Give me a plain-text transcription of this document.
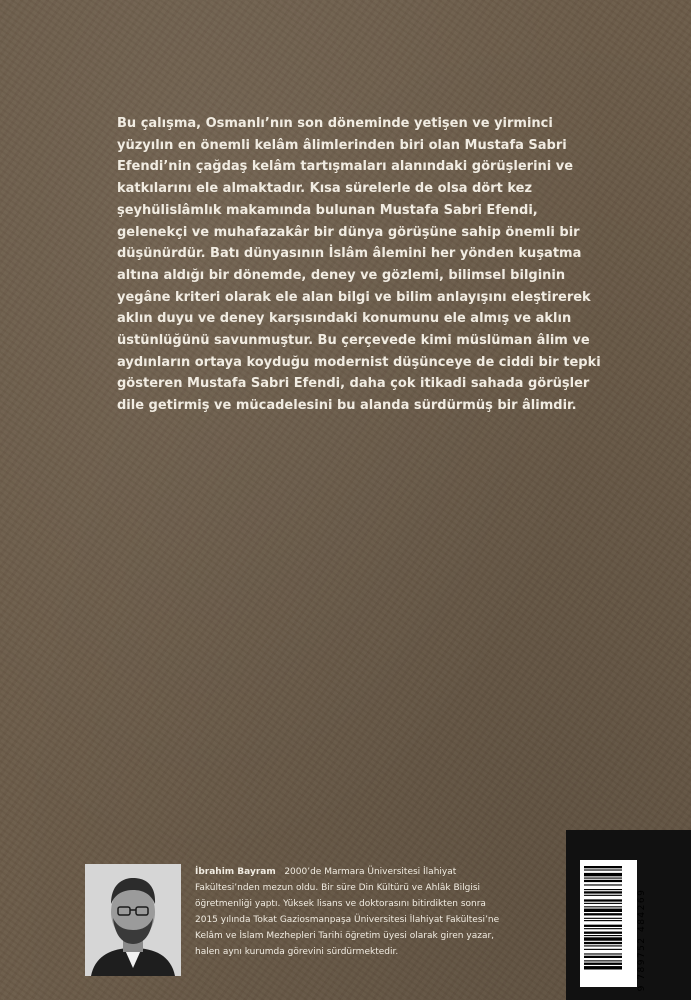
Bu çalışma, Osmanlı’nın son döneminde yetişen ve yirminci
yüzyılın en önemli kelâm âlimlerinden biri olan Mustafa Sabri
Efendi’nin çağdaş kelâm tartışmaları alanındaki görüşlerini ve
katkılarını ele almaktadır. Kısa sürelerle de olsa dört kez
şeyhülislâmlık makamında bulunan Mustafa Sabri Efendi,
gelenekçi ve muhafazakâr bir dünya görüşüne sahip önemli bir
düşünürdür. Batı dünyasının İslâm âlemini her yönden kuşatma
altına aldığı bir dönemde, deney ve gözlemi, bilimsel bilginin
yegâne kriteri olarak ele alan bilgi ve bilim anlayışını eleştirerek
aklın duyu ve deney karşısındaki konumunu ele almış ve aklın
üstünlüğünü savunmuştur. Bu çerçevede kimi müslüman âlim ve
aydınların ortaya koyduğu modernist düşünceye de ciddi bir tepki
gösteren Mustafa Sabri Efendi, daha çok itikadi sahada görüşler
dile getirmiş ve mücadelesini bu alanda sürdürmüş bir âlimdir.

İbrahim Bayram 2000’de Marmara Üniversitesi İlahiyat
Fakültesi’nden mezun oldu. Bir süre Din Kültürü ve Ahlâk Bilgisi
öğretmenliği yaptı. Yüksek lisans ve doktorasını bitirdikten sonra
2015 yılında Tokat Gaziosmanpaşa Üniversitesi İlahiyat Fakültesi’ne
Kelâm ve İslam Mezhepleri Tarihi öğretim üyesi olarak giren yazar,
halen aynı kurumda görevini sürdürmektedir.	9 789752 484269
